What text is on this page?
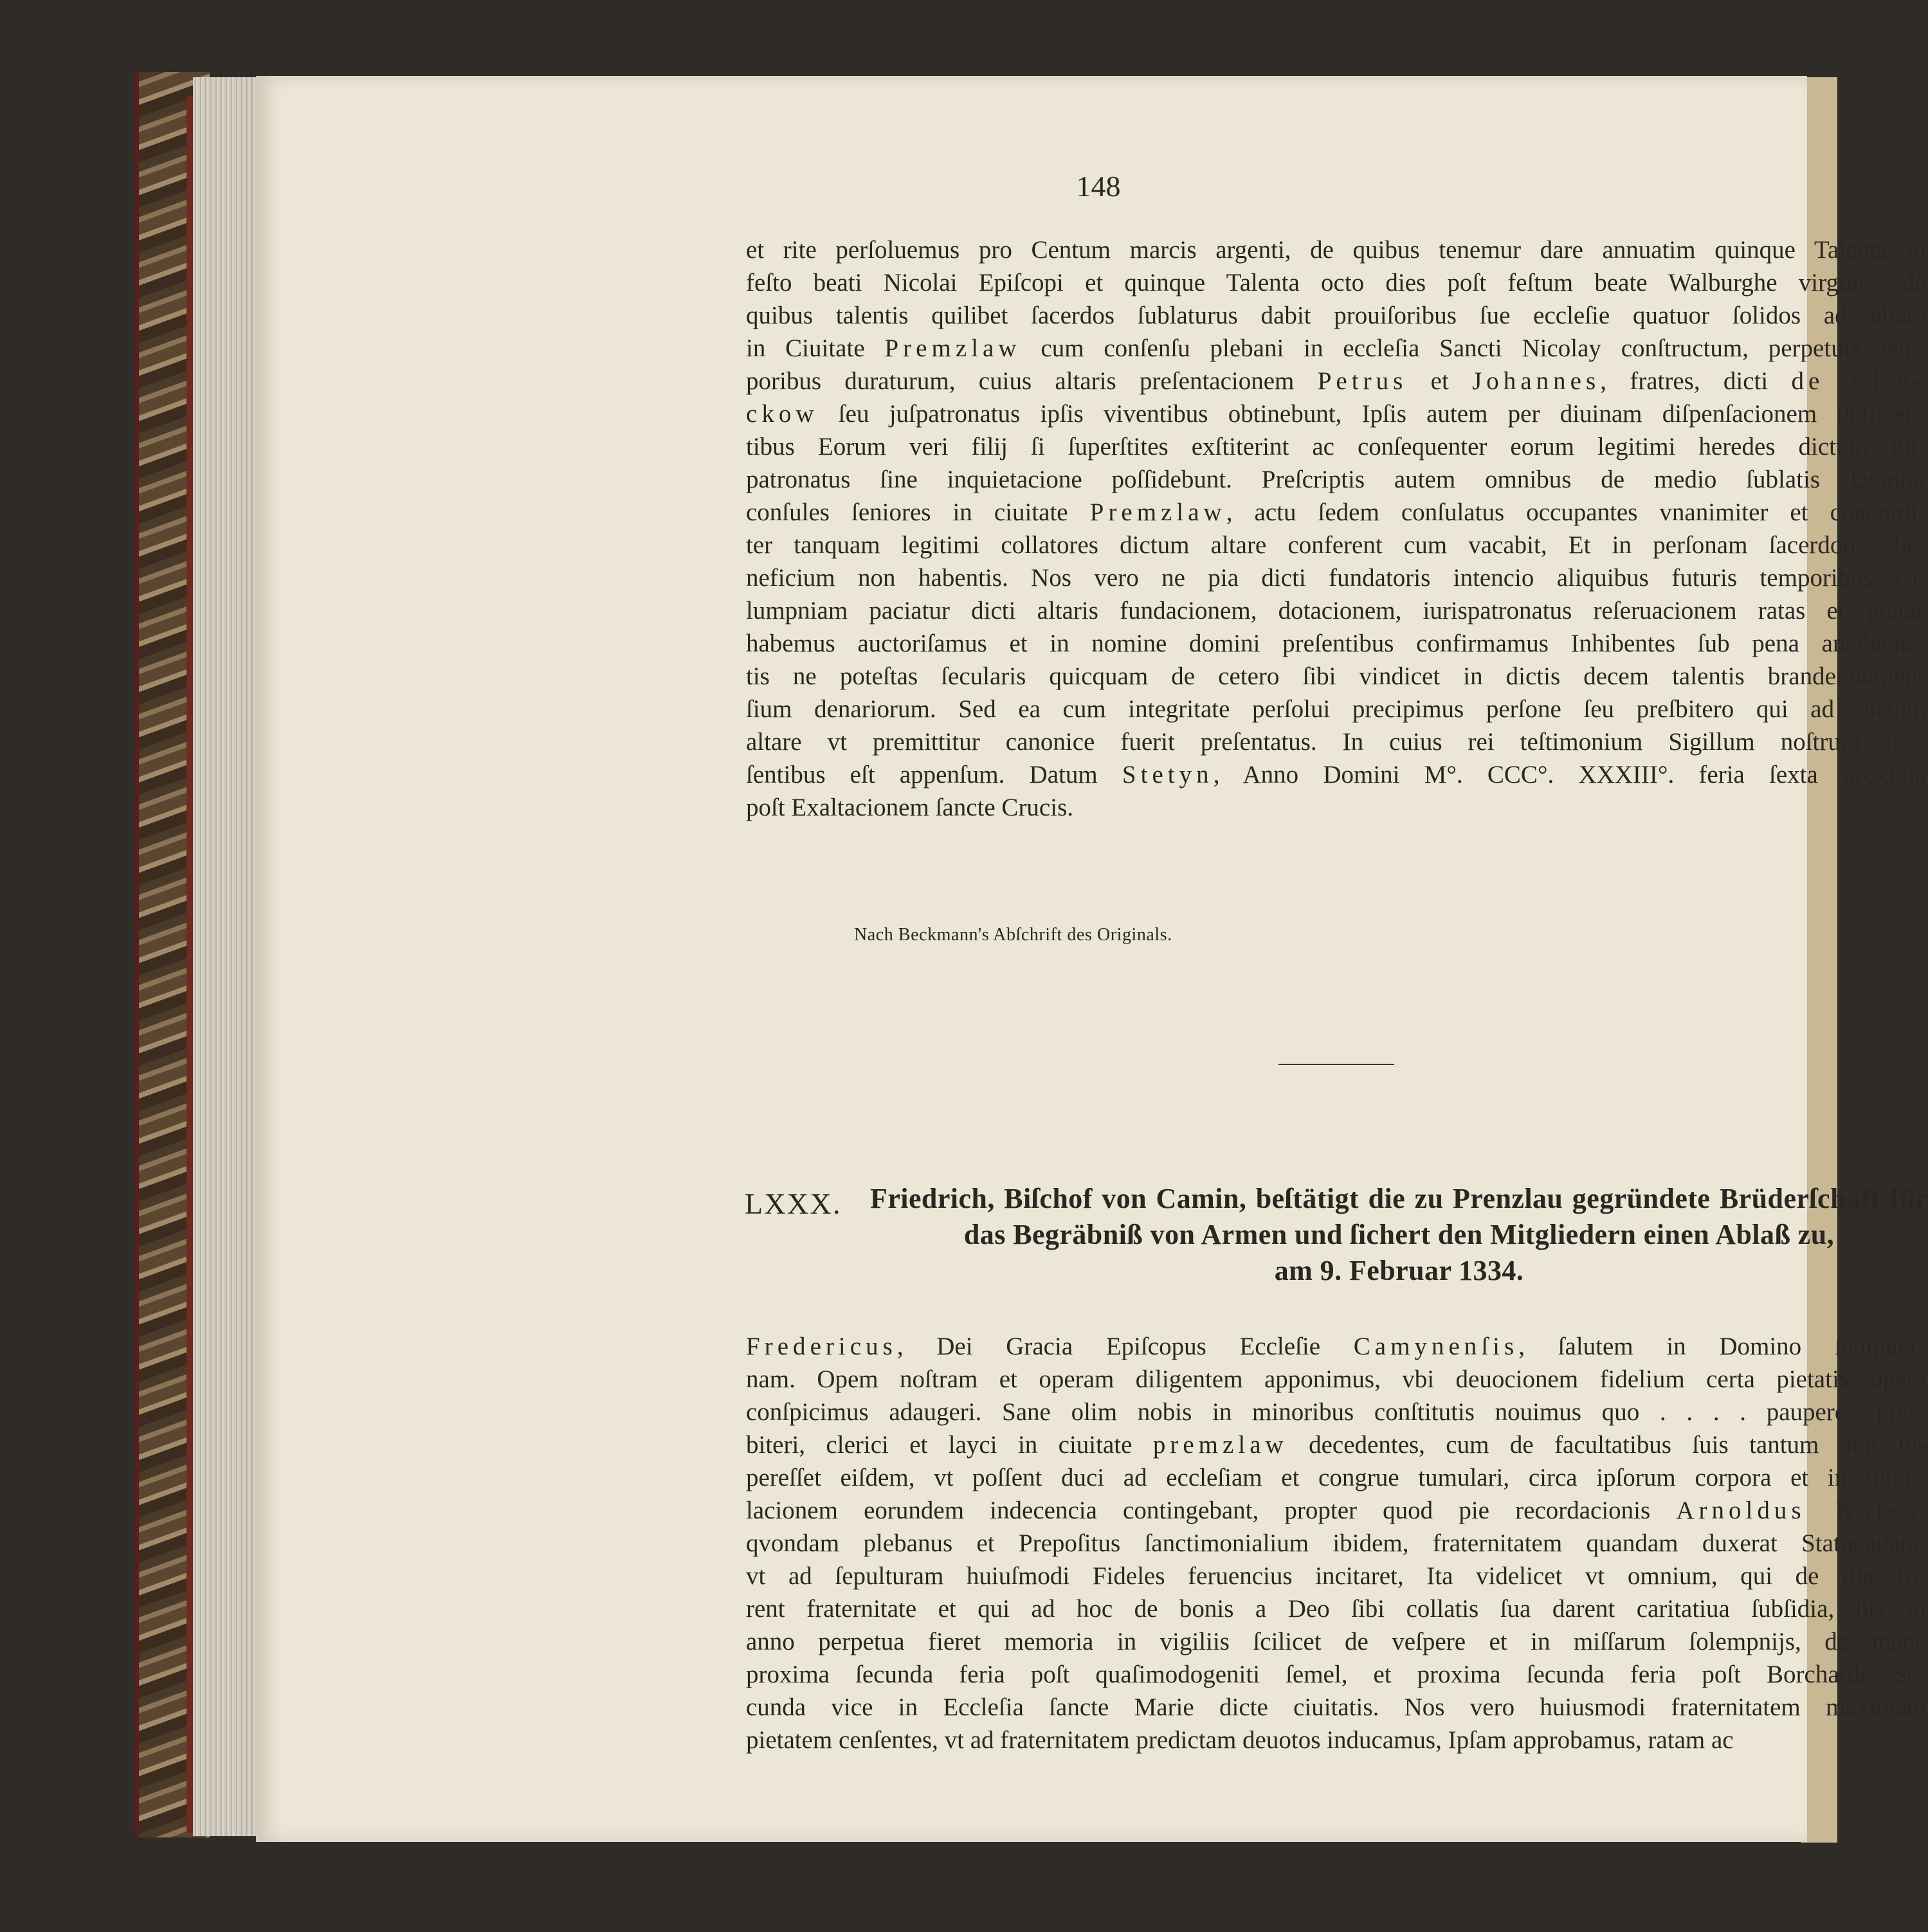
148
et rite perſoluemus pro Centum marcis argenti, de quibus tenemur dare annuatim quinque Talenta in
feſto beati Nicolai Epiſcopi et quinque Talenta octo dies poſt feſtum beate Walburghe virginis, de
quibus talentis quilibet ſacerdos ſublaturus dabit prouiſoribus ſue eccleſie quatuor ſolidos ad altare
in Ciuitate Premzlaw cum conſenſu plebani in eccleſia Sancti Nicolay conſtructum, perpetuis tem-
poribus duraturum, cuius altaris preſentacionem Petrus et Johannes, fratres, dicti de Clin-
ckow ſeu juſpatronatus ipſis viventibus obtinebunt, Ipſis autem per diuinam diſpenſacionem deficien-
tibus Eorum veri filij ſi ſuperſtites exſtiterint ac conſequenter eorum legitimi heredes dictum iuſ-
patronatus ſine inquietacione poſſidebunt. Preſcriptis autem omnibus de medio ſublatis Domini
conſules ſeniores in ciuitate Premzlaw, actu ſedem conſulatus occupantes vnanimiter et concordi-
ter tanquam legitimi collatores dictum altare conferent cum vacabit, Et in perſonam ſacerdotis, be-
neficium non habentis. Nos vero ne pia dicti fundatoris intencio aliquibus futuris temporibus ca-
lumpniam paciatur dicti altaris fundacionem, dotacionem, iurispatronatus reſeruacionem ratas et gratas
habemus auctoriſamus et in nomine domini preſentibus confirmamus Inhibentes ſub pena anathema-
tis ne poteſtas ſecularis quicquam de cetero ſibi vindicet in dictis decem talentis brandenburgen-
ſium denariorum. Sed ea cum integritate perſolui precipimus perſone ſeu preſbitero qui ad dictum
altare vt premittitur canonice fuerit preſentatus. In cuius rei teſtimonium Sigillum noſtrum pre-
ſentibus eſt appenſum. Datum Stetyn, Anno Domini M°. CCC°. XXXIII°. feria ſexta proxima
poſt Exaltacionem ſancte Crucis.
Nach Beckmann's Abſchrift des Originals.
LXXX. Friedrich, Biſchof von Camin, beſtätigt die zu Prenzlau gegründete Brüderſchaft für
das Begräbniß von Armen und ſichert den Mitgliedern einen Ablaß zu,
am 9. Februar 1334.
Fredericus, Dei Gracia Epiſcopus Eccleſie Camynenſis, ſalutem in Domino ſempiter-
nam. Opem noſtram et operam diligentem apponimus, vbi deuocionem fidelium certa pietatis opera
conſpicimus adaugeri. Sane olim nobis in minoribus conſtitutis nouimus quo . . . . pauperes pres-
biteri, clerici et layci in ciuitate premzlaw decedentes, cum de facultatibus ſuis tantum non ſu-
pereſſet eiſdem, vt poſſent duci ad eccleſiam et congrue tumulari, circa ipſorum corpora et in tumu-
lacionem eorundem indecencia contingebant, propter quod pie recordacionis Arnoldus Kolen,
qvondam plebanus et Prepoſitus ſanctimonialium ibidem, fraternitatem quandam duxerat Statuendam,
vt ad ſepulturam huiuſmodi Fideles feruencius incitaret, Ita videlicet vt omnium, qui de illa fo-
rent fraternitate et qui ad hoc de bonis a Deo ſibi collatis ſua darent caritatiua ſubſidia, bis in
anno perpetua fieret memoria in vigiliis ſcilicet de veſpere et in miſſarum ſolempnijs, de mane
proxima ſecunda feria poſt quaſimodogeniti ſemel, et proxima ſecunda feria poſt Borchardi Se-
cunda vice in Eccleſia ſancte Marie dicte ciuitatis. Nos vero huiusmodi fraternitatem maximam
pietatem cenſentes, vt ad fraternitatem predictam deuotos inducamus, Ipſam approbamus, ratam ac
